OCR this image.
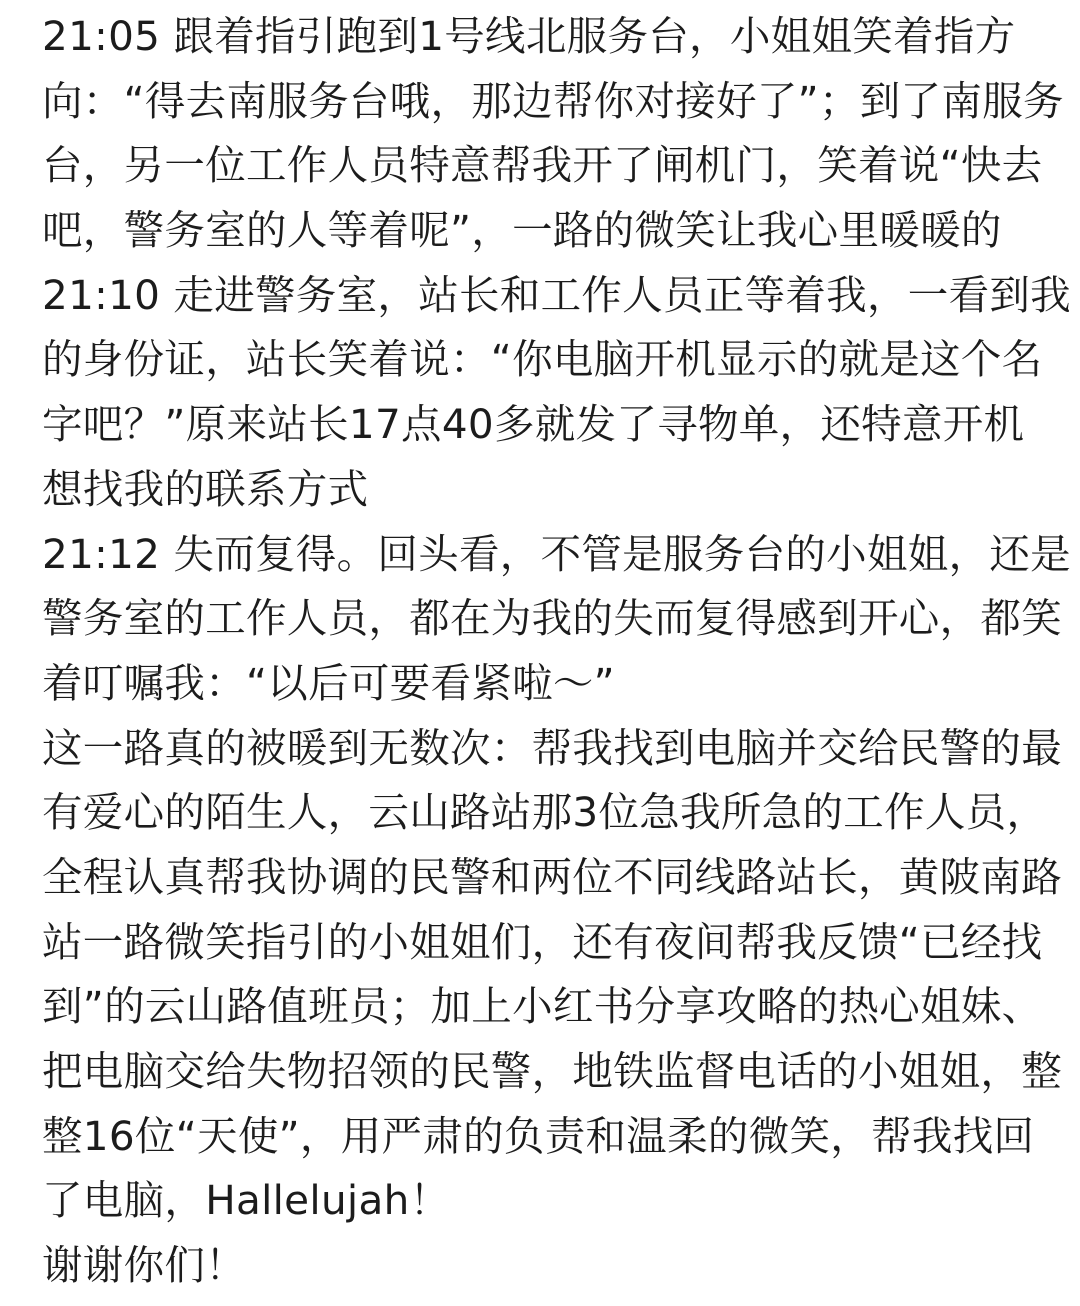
21:05 跟着指引跑到1号线北服务台，小姐姐笑着指方
向：“得去南服务台哦，那边帮你对接好了”；到了南服务
台，另一位工作人员特意帮我开了闸机门，笑着说“快去
吧，警务室的人等着呢”，一路的微笑让我心里暖暖的
21:10 走进警务室，站长和工作人员正等着我，一看到我
的身份证，站长笑着说：“你电脑开机显示的就是这个名
字吧？”原来站长17点40多就发了寻物单，还特意开机
想找我的联系方式
21:12 失而复得。回头看，不管是服务台的小姐姐，还是
警务室的工作人员，都在为我的失而复得感到开心，都笑
着叮嘱我：“以后可要看紧啦～”
这一路真的被暖到无数次：帮我找到电脑并交给民警的最
有爱心的陌生人，云山路站那3位急我所急的工作人员，
全程认真帮我协调的民警和两位不同线路站长，黄陂南路
站一路微笑指引的小姐姐们，还有夜间帮我反馈“已经找
到”的云山路值班员；加上小红书分享攻略的热心姐妹、
把电脑交给失物招领的民警，地铁监督电话的小姐姐，整
整16位“天使”，用严肃的负责和温柔的微笑，帮我找回
了电脑，Hallelujah！
谢谢你们！
